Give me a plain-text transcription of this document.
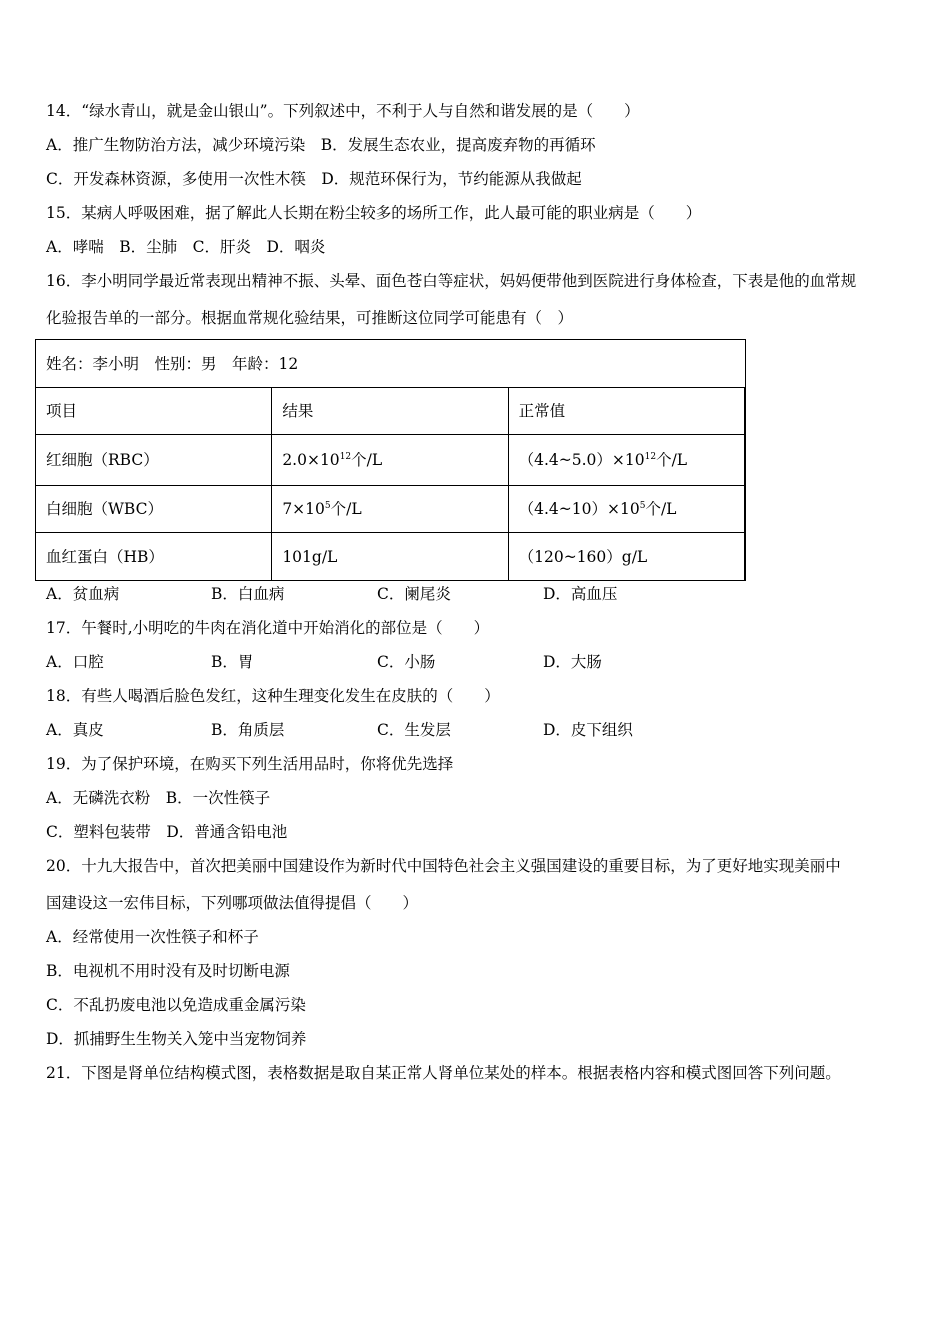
14．“绿水青山，就是金山银山”。下列叙述中，不利于人与自然和谐发展的是（　　）
A．推广生物防治方法，减少环境污染　B．发展生态农业，提高废弃物的再循环
C．开发森林资源，多使用一次性木筷　D．规范环保行为，节约能源从我做起
15．某病人呼吸困难，据了解此人长期在粉尘较多的场所工作，此人最可能的职业病是（　　）
A．哮喘　B．尘肺　C．肝炎　D．咽炎
16．李小明同学最近常表现出精神不振、头晕、面色苍白等症状，妈妈便带他到医院进行身体检查，下表是他的血常规
化验报告单的一部分。根据血常规化验结果，可推断这位同学可能患有（　）
姓名：李小明　性别：男　年龄：12			
项目	结果	正常值	
红细胞（RBC）	$2.0\times 10^{12}$个/L	$(4.4\sim 5.0)\times 10^{12}$个/L	
白细胞（WBC）	$7\times 10^5$个/L	$(4.4\sim 10)\times 10^5$个/L	
血红蛋白（HB）	101g/L	（120~160）g/L	
A．贫血病	B．白血病	C．阑尾炎	D．高血压
17．午餐时,小明吃的牛肉在消化道中开始消化的部位是（　　）
A．口腔	B．胃	C．小肠	D．大肠
18．有些人喝酒后脸色发红，这种生理变化发生在皮肤的（　　）
A．真皮	B．角质层	C．生发层	D．皮下组织
19．为了保护环境，在购买下列生活用品时，你将优先选择
A．无磷洗衣粉　B．一次性筷子
C．塑料包装带　D．普通含铅电池
20．十九大报告中，首次把美丽中国建设作为新时代中国特色社会主义强国建设的重要目标，为了更好地实现美丽中
国建设这一宏伟目标，下列哪项做法值得提倡（　　）
A．经常使用一次性筷子和杯子
B．电视机不用时没有及时切断电源
C．不乱扔废电池以免造成重金属污染
D．抓捕野生生物关入笼中当宠物饲养
21．下图是肾单位结构模式图，表格数据是取自某正常人肾单位某处的样本。根据表格内容和模式图回答下列问题。
